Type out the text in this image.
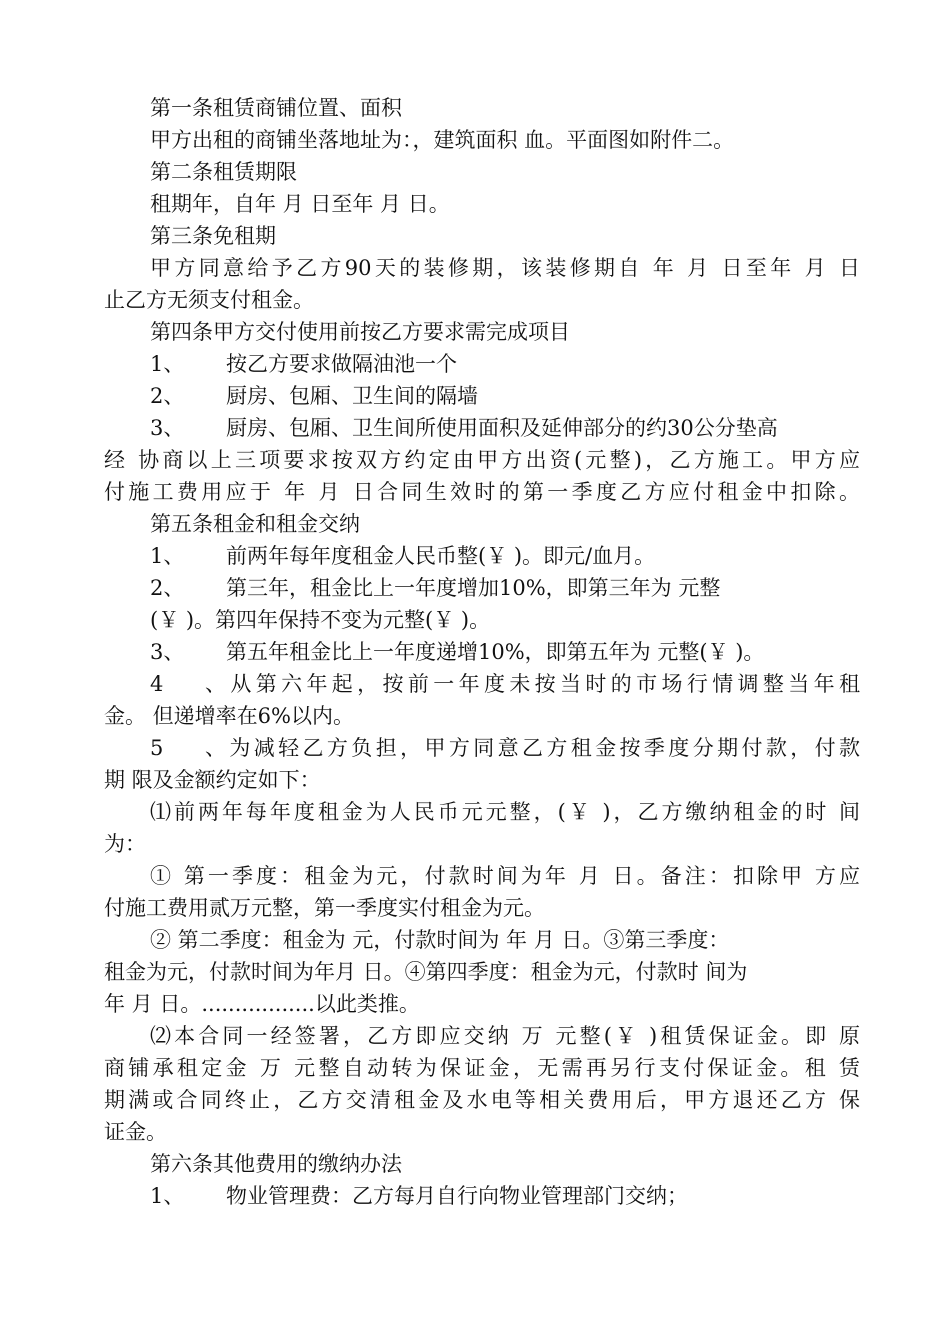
第一条租赁商铺位置、面积
甲方出租的商铺坐落地址为：，建筑面积 血。平面图如附件二。
第二条租赁期限
租期年，自年 月 日至年 月 日。
第三条免租期
甲方同意给予乙方90天的装修期，该装修期自 年 月 日至年 月 日
止乙方无须支付租金。
第四条甲方交付使用前按乙方要求需完成项目
1、 按乙方要求做隔油池一个
2、 厨房、包厢、卫生间的隔墙
3、 厨房、包厢、卫生间所使用面积及延伸部分的约30公分垫高
经 协商以上三项要求按双方约定由甲方出资(元整)，乙方施工。甲方应
付施工费用应于 年 月 日合同生效时的第一季度乙方应付租金中扣除。
第五条租金和租金交纳
1、 前两年每年度租金人民币整(￥ )。即元/血月。
2、 第三年，租金比上一年度增加10%，即第三年为 元整
(￥ )。第四年保持不变为元整(￥ )。
3、 第五年租金比上一年度递增10%，即第五年为 元整(￥ )。
4、从第六年起，按前一年度未按当时的市场行情调整当年租
金。 但递增率在6%以内。
5、为减轻乙方负担，甲方同意乙方租金按季度分期付款，付款
期 限及金额约定如下：
⑴前两年每年度租金为人民币元元整，(￥ )，乙方缴纳租金的时 间
为：
① 第一季度：租金为元，付款时间为年 月 日。备注：扣除甲 方应
付施工费用贰万元整，第一季度实付租金为元。
② 第二季度：租金为 元，付款时间为 年 月 日。③第三季度：
租金为元，付款时间为年月 日。④第四季度：租金为元，付款时 间为
年 月 日。.................以此类推。
⑵本合同一经签署，乙方即应交纳 万 元整(￥ )租赁保证金。即 原
商铺承租定金 万 元整自动转为保证金，无需再另行支付保证金。租 赁
期满或合同终止，乙方交清租金及水电等相关费用后，甲方退还乙方 保
证金。
第六条其他费用的缴纳办法
1、 物业管理费：乙方每月自行向物业管理部门交纳；
